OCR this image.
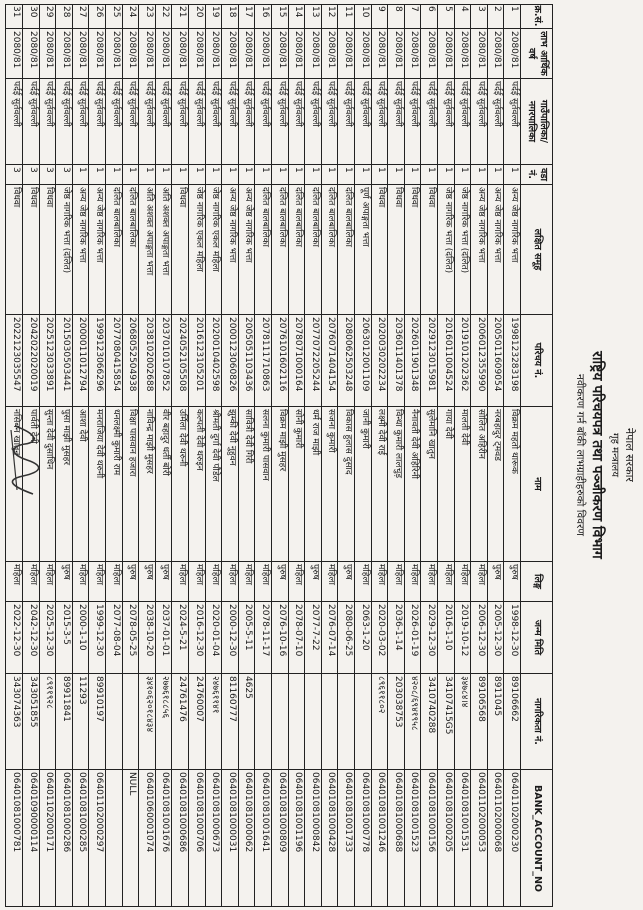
नेपाल सरकार
गृह मन्त्रालय
राष्ट्रिय परिचयपत्र तथा पञ्जीकरण विभाग
नवीकरण गर्न बाँकी लाभग्राहीहरुको विवरण
क्र.सं.
लाभ आर्थिक वर्ष
गाउँपालिका/नगरपालिका
वडा नं.
लक्षित समूह
परिचय नं.
नाम
लिङ्ग
जन्म मिति
नागरिकता नं.
BANK_ACCOUNT_NO
1
2080/81
पर्दई सुर्तवल्ली
1
अन्य जेष्ठ नागरिक भत्ता
1998123283198
विक्रम महतो थारूक
पुरुष
1998-12-30
89106662
06401102000230
2
2080/81
पर्दई सुर्तवल्ली
1
अन्य जेष्ठ नागरिक भत्ता
2005011609054
नरबहादुर ट्मवड
पुरुष
2005-12-30
8911045
06401102000068
3
2080/81
पर्दई सुर्तवल्ली
1
अन्य जेष्ठ नागरिक भत्ता
2006012355990
सोलित अहिरीन
महिला
2006-12-30
89106568
06401102000053
4
2080/81
पर्दई सुर्तवल्ली
1
जेष्ठ नागरिक भत्ता (दलित)
2019101202362
मालती देवी
महिला
2019-10-12
३४७८४।४
06401081001531
5
2080/81
पर्दई सुर्तवल्ली
1
जेष्ठ नागरिक भत्ता (दलित)
2016011004524
गाया देवी
महिला
2016-1-10
34107415G5
06401081000205
6
2080/81
पर्दई सुर्तवल्ली
1
विधवा
2029123015981
सुलेमानि खातुन
महिला
2029-12-30
3410740288
06401081000156
7
2080/81
पर्दई सुर्तवल्ली
1
विधवा
2026011901348
नैनावती देवी अहिरिनी
महिला
2026-01-19
४२०८/६९४१९५८
06401081001523
8
2080/81
पर्दई सुर्तवल्ली
1
विधवा
2036011401378
विन्धा कुमारी लालचुड़
महिला
2036-1-14
203038753
06401081000688
9
2080/81
पर्दई सुर्तवल्ली
1
विधवा
2020030202234
लक्ष्मी देवी राई
महिला
2020-03-02
८९६११८०२
06401081001246
10
2080/81
पर्दई सुर्तवल्ली
1
पूर्ण अपाङ्गता भत्ता
2063012001109
जानी कुमारी
महिला
2063-1-20
06401081000778
11
2080/81
पर्दई सुर्तवल्ली
1
दलित बालबालिका
2080062503248
विकास हुलास दुसाद
पुरुष
2080-06-25
06401081001733
12
2080/81
पर्दई सुर्तवल्ली
1
दलित बालबालिका
2076071404154
सजना कुमारी
महिला
2076-07-14
06401081000428
13
2080/81
पर्दई सुर्तवल्ली
1
दलित बालबालिका
2077072205244
धर्म राज माझी
पुरुष
2077-7-22
06401081000842
14
2080/81
पर्दई सुर्तवल्ली
1
दलित बालबालिका
2078071000164
सोनी कुमारी
महिला
2078-07-10
06401081001196
15
2080/81
पर्दई सुर्तवल्ली
1
दलित बालबालिका
2076101602116
विक्रम माझी मुसहर
पुरुष
2076-10-16
06401081000809
16
2080/81
पर्दई सुर्तवल्ली
1
दलित बालबालिका
2078111710863
सलना कुमारी पासवान
महिला
2078-11-17
06401081001641
17
2080/81
पर्दई सुर्तवल्ली
1
अन्य जेष्ठ नागरिक भत्ता
2005051103436
सावित्री देवी गिरी
महिला
2005-5-11
4625
06401081000062
18
2080/81
पर्दई सुर्तवल्ली
1
अन्य जेष्ठ नागरिक भत्ता
2000123060826
झुम्की देवी नुहुवन
महिला
2000-12-30
81160777
06401081000031
19
2080/81
पर्दई सुर्तवल्ली
1
जेष्ठ नागरिक एकल महिला
2020010402598
श्रीमती दुर्गा देवी पौडेल
महिला
2020-01-04
२४७६११४१
06401081000673
20
2080/81
पर्दई सुर्तवल्ली
1
जेष्ठ नागरिक एकल महिला
2016123105201
कल्पती देवी थरुइन
महिला
2016-12-30
24760007
06401081000706
21
2080/81
पर्दई सुर्तवल्ली
1
विधवा
2024052105508
उर्मिला देवी थरुनी
महिला
2024-5-21
24761476
06401081000686
22
2080/81
पर्दई सुर्तवल्ली
1
अति अशक्त अपाङ्गता भत्ता
2037010107852
वीर बहादुर धर्ती बोरी
पुरुष
2037-01-01
२७७६१८८५६
06401081001676
23
2080/81
पर्दई सुर्तवल्ली
1
अति अशक्त अपाङ्गता भत्ता
2038102002688
नाविन्द्र माझी मुसहर
पुरुष
2038-10-20
३४१०६२०१८४३४
06401060001074
24
2080/81
पर्दई सुर्तवल्ली
1
दलित बालबालिका
2068052504938
विक्षा पासवान हजारा
पुरुष
2078-05-25
NULL
25
2080/81
पर्दई सुर्तवल्ली
1
दलित बालबालिका
2077080415854
धनलक्ष्मी कुमारी राम
महिला
2077-08-04
26
2080/81
पर्दई सुर्तवल्ली
1
अन्य जेष्ठ नागरिक भत्ता
1999123066296
मनराजिया देवी थरुनी
महिला
1999-12-30
89910197
06401102000297
27
2080/81
पर्दई सुर्तवल्ली
1
अन्य जेष्ठ नागरिक भत्ता
2000011012794
आशा देवी
महिला
2000-1-10
11293
06401081000285
28
2080/81
पर्दई सुर्तवल्ली
3
जेष्ठ नागरिक भत्ता (दलित)
2015030503441
पुसा माझी मुसहर
पुरुष
2015-3-5
89911841
06401081000286
29
2080/81
पर्दई सुर्तवल्ली
3
विधवा
2025123033891
सुन्ता देवी दुसाधिन
महिला
2025-12-30
८९११९२८
06401102000171
30
2080/81
पर्दई सुर्तवल्ली
3
विधवा
2042022020019
पार्वती देवी
महिला
2042-12-30
343051855
06401090000114
31
2080/81
पर्दई सुर्तवल्ली
3
विधवा
2022123035547
नसिबन खातुन
महिला
2022-12-30
343074363
06401081000781
